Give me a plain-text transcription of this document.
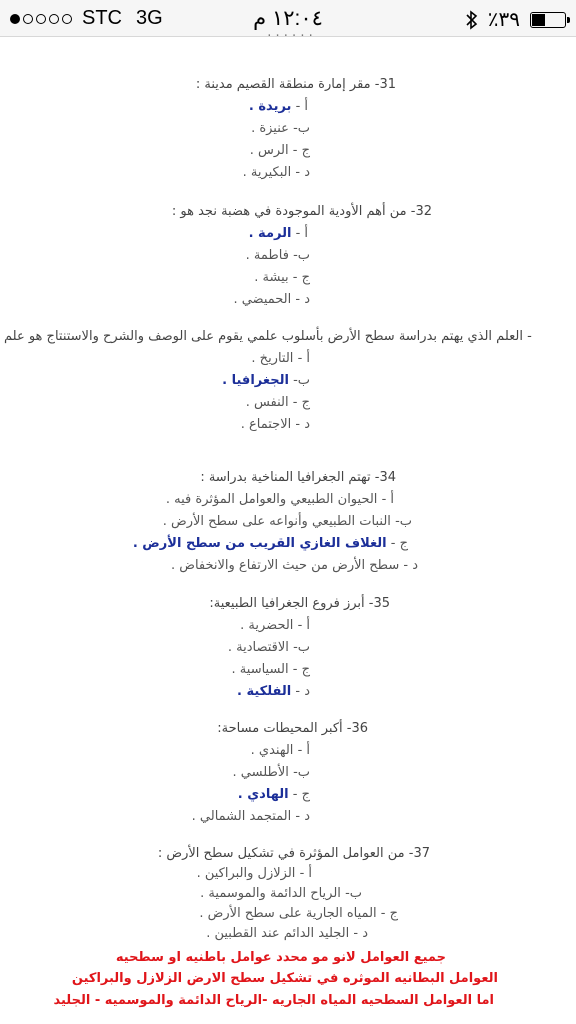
STC 3G	١٢:٠٤ م	٪٣٩
· · · · · ·
31- مقر إمارة منطقة القصيم مدينة :
أ - بريدة .
ب- عنيزة .
ج - الرس .
د - البكيرية .
32- من أهم الأودية الموجودة في هضبة نجد هو :
أ - الرمة .
ب- فاطمة .
ج - بيشة .
د - الحميضي .
- العلم الذي يهتم بدراسة سطح الأرض بأسلوب علمي يقوم على الوصف والشرح والاستنتاج هو علم
أ - التاريخ .
ب- الجغرافيا .
ج - النفس .
د - الاجتماع .
34- تهتم الجغرافيا المناخية بدراسة :
أ - الحيوان الطبيعي والعوامل المؤثرة فيه .
ب- النبات الطبيعي وأنواعه على سطح الأرض .
ج - الغلاف الغازي القريب من سطح الأرض .
د - سطح الأرض من حيث الارتفاع والانخفاض .
35- أبرز فروع الجغرافيا الطبيعية:
أ - الحضرية .
ب- الاقتصادية .
ج - السياسية .
د - الفلكية .
36- أكبر المحيطات مساحة:
أ - الهندي .
ب- الأطلسي .
ج - الهادي .
د - المتجمد الشمالي .
37- من العوامل المؤثرة في تشكيل سطح الأرض :
أ - الزلازل والبراكين .
ب- الرياح الدائمة والموسمية .
ج - المياه الجارية على سطح الأرض .
د - الجليد الدائم عند القطبين .
جميع العوامل لانو مو محدد عوامل باطنيه او سطحيه
العوامل البطانيه الموثره في تشكيل سطح الارض الزلازل والبراكين
اما العوامل السطحيه المياه الجاريه -الرياح الدائمة والموسميه - الجليد
